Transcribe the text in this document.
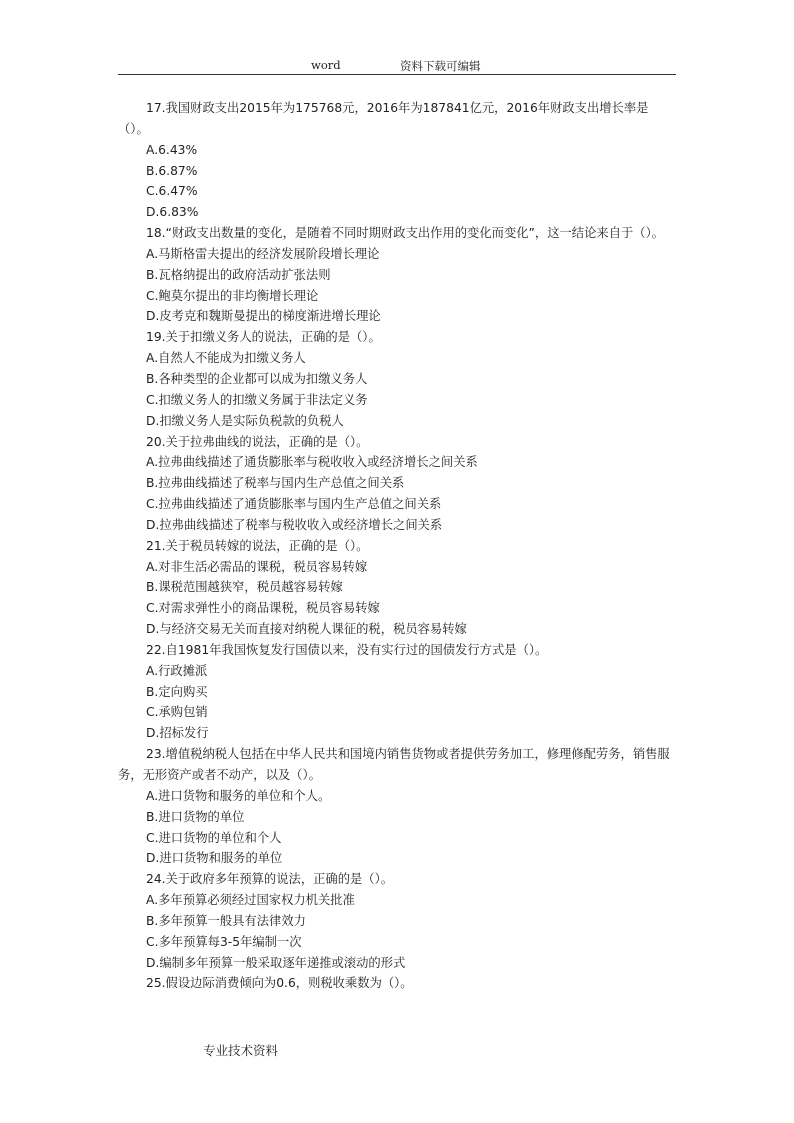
word	资料下载可编辑

17.我国财政支出2015年为175768元，2016年为187841亿元，2016年财政支出增长率是（）。

A.6.43%

B.6.87%

C.6.47%

D.6.83%

18.“财政支出数量的变化，是随着不同时期财政支出作用的变化而变化”，这一结论来自于（）。

A.马斯格雷夫提出的经济发展阶段增长理论

B.瓦格纳提出的政府活动扩张法则

C.鲍莫尔提出的非均衡增长理论

D.皮考克和魏斯曼提出的梯度渐进增长理论

19.关于扣缴义务人的说法，正确的是（）。

A.自然人不能成为扣缴义务人

B.各种类型的企业都可以成为扣缴义务人

C.扣缴义务人的扣缴义务属于非法定义务

D.扣缴义务人是实际负税款的负税人

20.关于拉弗曲线的说法，正确的是（）。

A.拉弗曲线描述了通货膨胀率与税收收入或经济增长之间关系

B.拉弗曲线描述了税率与国内生产总值之间关系

C.拉弗曲线描述了通货膨胀率与国内生产总值之间关系

D.拉弗曲线描述了税率与税收收入或经济增长之间关系

21.关于税员转嫁的说法，正确的是（）。

A.对非生活必需品的课税，税员容易转嫁

B.课税范围越狭窄，税员越容易转嫁

C.对需求弹性小的商品课税，税员容易转嫁

D.与经济交易无关而直接对纳税人课征的税，税员容易转嫁

22.自1981年我国恢复发行国债以来，没有实行过的国债发行方式是（）。

A.行政摊派

B.定向购买

C.承购包销

D.招标发行

23.增值税纳税人包括在中华人民共和国境内销售货物或者提供劳务加工，修理修配劳务，销售服务，无形资产或者不动产，以及（）。

A.进口货物和服务的单位和个人。

B.进口货物的单位

C.进口货物的单位和个人

D.进口货物和服务的单位

24.关于政府多年预算的说法，正确的是（）。

A.多年预算必须经过国家权力机关批准

B.多年预算一般具有法律效力

C.多年预算每3-5年编制一次

D.编制多年预算一般采取逐年递推或滚动的形式

25.假设边际消费倾向为0.6，则税收乘数为（）。

专业技术资料
